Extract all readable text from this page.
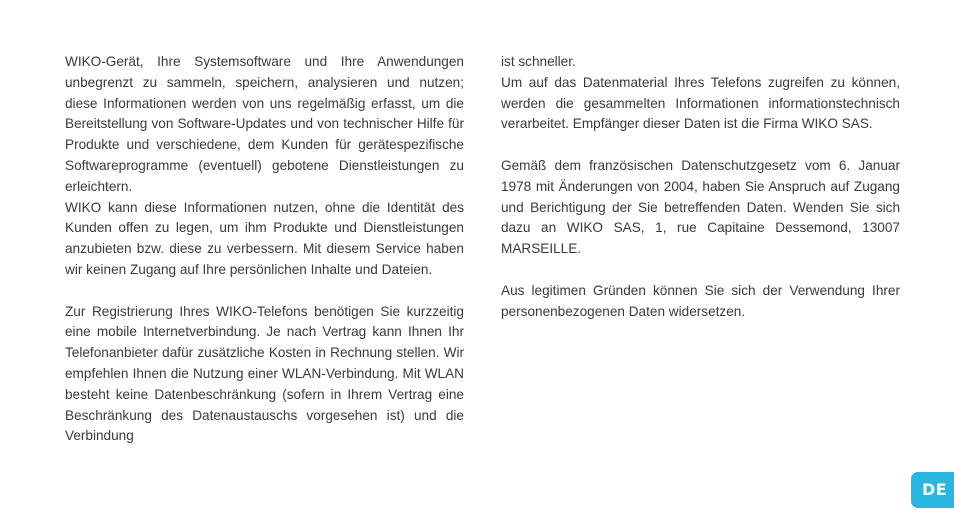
WIKO-Gerät, Ihre Systemsoftware und Ihre Anwendungen unbegrenzt zu sammeln, speichern, analysieren und nutzen; diese Informationen werden von uns regelmäßig erfasst, um die Bereitstellung von Software-Updates und von technischer Hilfe für Produkte und verschiedene, dem Kunden für gerätespezifische Softwareprogramme (eventuell) gebotene Dienstleistungen zu erleichtern.

WIKO kann diese Informationen nutzen, ohne die Identität des Kunden offen zu legen, um ihm Produkte und Dienstleistungen anzubieten bzw. diese zu verbessern. Mit diesem Service haben wir keinen Zugang auf Ihre persönlichen Inhalte und Dateien.

Zur Registrierung Ihres WIKO-Telefons benötigen Sie kurzzeitig eine mobile Internetverbindung. Je nach Vertrag kann Ihnen Ihr Telefonanbieter dafür zusätzliche Kosten in Rechnung stellen. Wir empfehlen Ihnen die Nutzung einer WLAN-Verbindung. Mit WLAN besteht keine Datenbeschränkung (sofern in Ihrem Vertrag eine Beschränkung des Datenaustauschs vorgesehen ist) und die Verbindung

ist schneller.

Um auf das Datenmaterial Ihres Telefons zugreifen zu können, werden die gesammelten Informationen informationstechnisch verarbeitet. Empfänger dieser Daten ist die Firma WIKO SAS.

Gemäß dem französischen Datenschutzgesetz vom 6. Januar 1978 mit Änderungen von 2004, haben Sie Anspruch auf Zugang und Berichtigung der Sie betreffenden Daten. Wenden Sie sich dazu an WIKO SAS, 1, rue Capitaine Dessemond, 13007 MARSEILLE.

Aus legitimen Gründen können Sie sich der Verwendung Ihrer personenbezogenen Daten widersetzen.

DE
